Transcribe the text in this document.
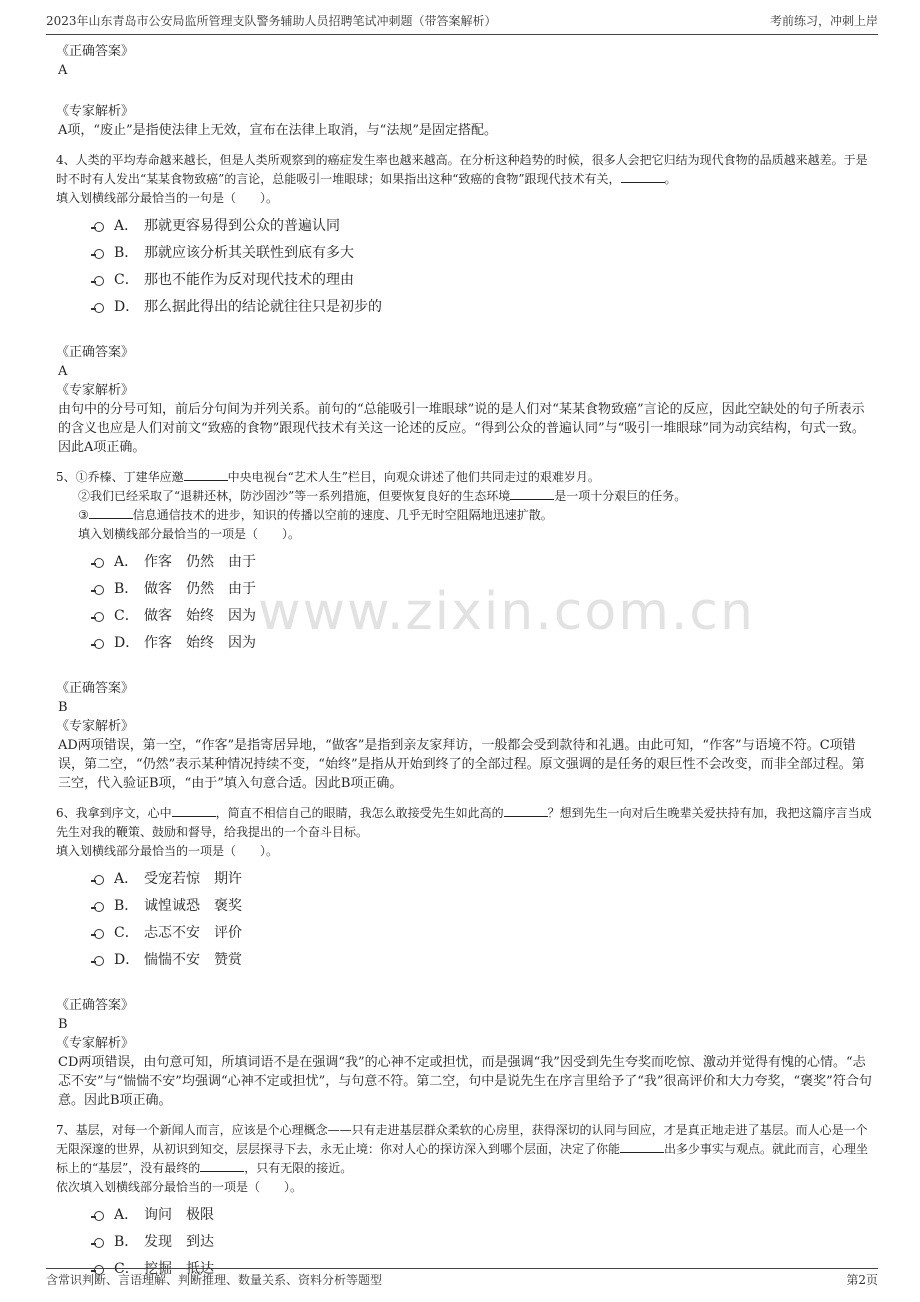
2023年山东青岛市公安局监所管理支队警务辅助人员招聘笔试冲刺题（带答案解析）	考前练习，冲刺上岸
www.zixin.com.cn
《正确答案》
A
《专家解析》
A项，“废止”是指使法律上无效，宣布在法律上取消，与“法规”是固定搭配。
4、人类的平均寿命越来越长，但是人类所观察到的癌症发生率也越来越高。在分析这种趋势的时候，很多人会把它归结为现代食物的品质越来越差。于是时不时有人发出“某某食物致癌”的言论，总能吸引一堆眼球；如果指出这种“致癌的食物”跟现代技术有关，	。
填入划横线部分最恰当的一句是（　　）。
A． 那就更容易得到公众的普遍认同
B． 那就应该分析其关联性到底有多大
C． 那也不能作为反对现代技术的理由
D． 那么据此得出的结论就往往只是初步的
《正确答案》
A
《专家解析》
由句中的分号可知，前后分句间为并列关系。前句的“总能吸引一堆眼球”说的是人们对“某某食物致癌”言论的反应，因此空缺处的句子所表示的含义也应是人们对前文“致癌的食物”跟现代技术有关这一论述的反应。“得到公众的普遍认同”与“吸引一堆眼球”同为动宾结构，句式一致。因此A项正确。
5、①乔榛、丁建华应邀	中央电视台“艺术人生”栏目，向观众讲述了他们共同走过的艰难岁月。
②我们已经采取了“退耕还林，防沙固沙”等一系列措施，但要恢复良好的生态环境	是一项十分艰巨的任务。
③	信息通信技术的进步，知识的传播以空前的速度、几乎无时空阻隔地迅速扩散。
填入划横线部分最恰当的一项是（　　）。
A． 作客 仍然 由于
B． 做客 仍然 由于
C． 做客 始终 因为
D． 作客 始终 因为
《正确答案》
B
《专家解析》
AD两项错误，第一空，“作客”是指寄居异地，“做客”是指到亲友家拜访，一般都会受到款待和礼遇。由此可知，“作客”与语境不符。C项错误，第二空，“仍然”表示某种情况持续不变，“始终”是指从开始到终了的全部过程。原文强调的是任务的艰巨性不会改变，而非全部过程。第三空，代入验证B项，“由于”填入句意合适。因此B项正确。
6、我拿到序文，心中	，简直不相信自己的眼睛，我怎么敢接受先生如此高的	？想到先生一向对后生晚辈关爱扶持有加，我把这篇序言当成先生对我的鞭策、鼓励和督导，给我提出的一个奋斗目标。
填入划横线部分最恰当的一项是（　　）。
A． 受宠若惊 期许
B． 诚惶诚恐 褒奖
C． 忐忑不安 评价
D． 惴惴不安 赞赏
《正确答案》
B
《专家解析》
CD两项错误，由句意可知，所填词语不是在强调“我”的心神不定或担忧，而是强调“我”因受到先生夸奖而吃惊、激动并觉得有愧的心情。“忐忑不安”与“惴惴不安”均强调“心神不定或担忧”，与句意不符。第二空，句中是说先生在序言里给予了“我”很高评价和大力夸奖，“褒奖”符合句意。因此B项正确。
7、基层，对每一个新闻人而言，应该是个心理概念——只有走进基层群众柔软的心房里，获得深切的认同与回应，才是真正地走进了基层。而人心是一个无限深邃的世界，从初识到知交，层层探寻下去，永无止境：你对人心的探访深入到哪个层面，决定了你能	出多少事实与观点。就此而言，心理坐标上的“基层”，没有最终的	，只有无限的接近。
依次填入划横线部分最恰当的一项是（　　）。
A． 询问 极限
B． 发现 到达
C． 挖掘 抵达
含常识判断、言语理解、判断推理、数量关系、资料分析等题型	第2页
